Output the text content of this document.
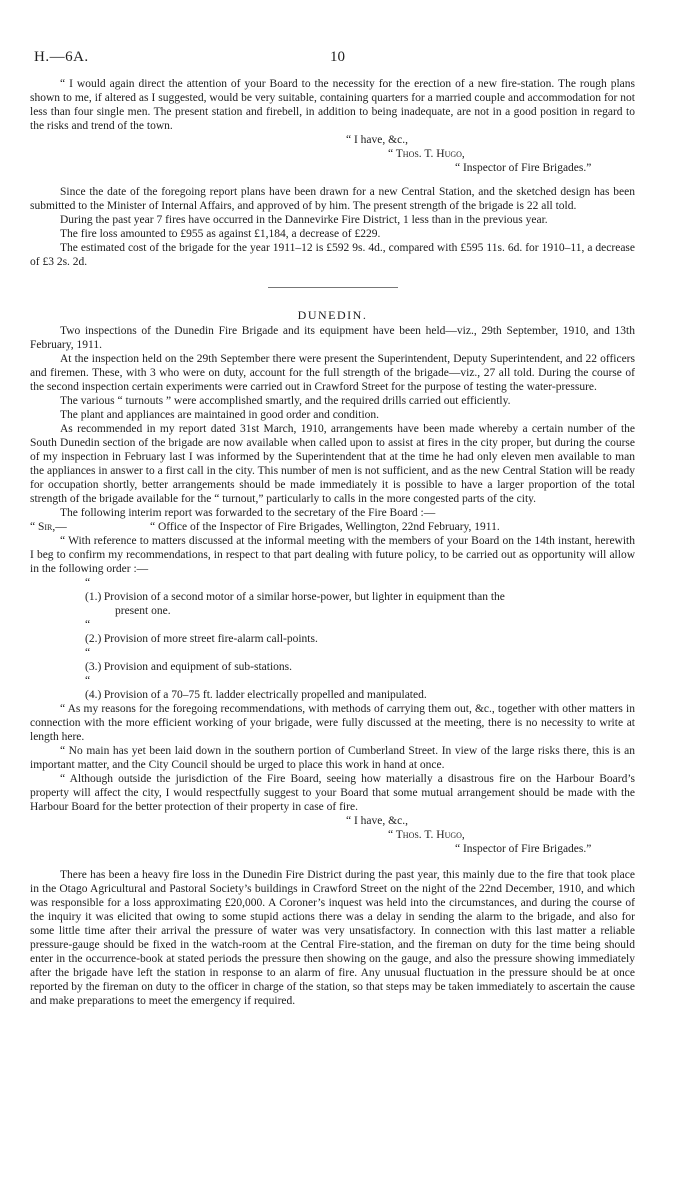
H.—6A.	10

“ I would again direct the attention of your Board to the necessity for the erection of a new fire-station. The rough plans shown to me, if altered as I suggested, would be very suitable, containing quarters for a married couple and accommodation for not less than four single men. The present station and firebell, in addition to being inadequate, are not in a good position in regard to the risks and trend of the town.

“ I have, &c.,

“ Thos. T. Hugo,

“ Inspector of Fire Brigades.”

Since the date of the foregoing report plans have been drawn for a new Central Station, and the sketched design has been submitted to the Minister of Internal Affairs, and approved of by him. The present strength of the brigade is 22 all told.

During the past year 7 fires have occurred in the Dannevirke Fire District, 1 less than in the previous year.

The fire loss amounted to £955 as against £1,184, a decrease of £229.

The estimated cost of the brigade for the year 1911–12 is £592 9s. 4d., compared with £595 11s. 6d. for 1910–11, a decrease of £3 2s. 2d.

DUNEDIN.

Two inspections of the Dunedin Fire Brigade and its equipment have been held—viz., 29th September, 1910, and 13th February, 1911.

At the inspection held on the 29th September there were present the Superintendent, Deputy Superintendent, and 22 officers and firemen. These, with 3 who were on duty, account for the full strength of the brigade—viz., 27 all told. During the course of the second inspection certain experiments were carried out in Crawford Street for the purpose of testing the water-pressure.

The various “ turnouts ” were accomplished smartly, and the required drills carried out efficiently.

The plant and appliances are maintained in good order and condition.

As recommended in my report dated 31st March, 1910, arrangements have been made whereby a certain number of the South Dunedin section of the brigade are now available when called upon to assist at fires in the city proper, but during the course of my inspection in February last I was informed by the Superintendent that at the time he had only eleven men available to man the appliances in answer to a first call in the city. This number of men is not sufficient, and as the new Central Station will be ready for occupation shortly, better arrangements should be made immediately it is possible to have a larger proportion of the total strength of the brigade available for the “ turnout,” particularly to calls in the more congested parts of the city.

The following interim report was forwarded to the secretary of the Fire Board :—

“ Sir,—	“ Office of the Inspector of Fire Brigades, Wellington, 22nd February, 1911.

“ With reference to matters discussed at the informal meeting with the members of your Board on the 14th instant, herewith I beg to confirm my recommendations, in respect to that part dealing with future policy, to be carried out as opportunity will allow in the following order :—

“ (1.) Provision of a second motor of a similar horse-power, but lighter in equipment than the

present one.

“ (2.) Provision of more street fire-alarm call-points.

“ (3.) Provision and equipment of sub-stations.

“ (4.) Provision of a 70–75 ft. ladder electrically propelled and manipulated.

“ As my reasons for the foregoing recommendations, with methods of carrying them out, &c., together with other matters in connection with the more efficient working of your brigade, were fully discussed at the meeting, there is no necessity to write at length here.

“ No main has yet been laid down in the southern portion of Cumberland Street. In view of the large risks there, this is an important matter, and the City Council should be urged to place this work in hand at once.

“ Although outside the jurisdiction of the Fire Board, seeing how materially a disastrous fire on the Harbour Board’s property will affect the city, I would respectfully suggest to your Board that some mutual arrangement should be made with the Harbour Board for the better protection of their property in case of fire.

“ I have, &c.,

“ Thos. T. Hugo,

“ Inspector of Fire Brigades.”

There has been a heavy fire loss in the Dunedin Fire District during the past year, this mainly due to the fire that took place in the Otago Agricultural and Pastoral Society’s buildings in Crawford Street on the night of the 22nd December, 1910, and which was responsible for a loss approximating £20,000. A Coroner’s inquest was held into the circumstances, and during the course of the inquiry it was elicited that owing to some stupid actions there was a delay in sending the alarm to the brigade, and also for some little time after their arrival the pressure of water was very unsatisfactory. In connection with this last matter a reliable pressure-gauge should be fixed in the watch-room at the Central Fire-station, and the fireman on duty for the time being should enter in the occurrence-book at stated periods the pressure then showing on the gauge, and also the pressure showing immediately after the brigade have left the station in response to an alarm of fire. Any unusual fluctuation in the pressure should be at once reported by the fireman on duty to the officer in charge of the station, so that steps may be taken immediately to ascertain the cause and make preparations to meet the emergency if required.
